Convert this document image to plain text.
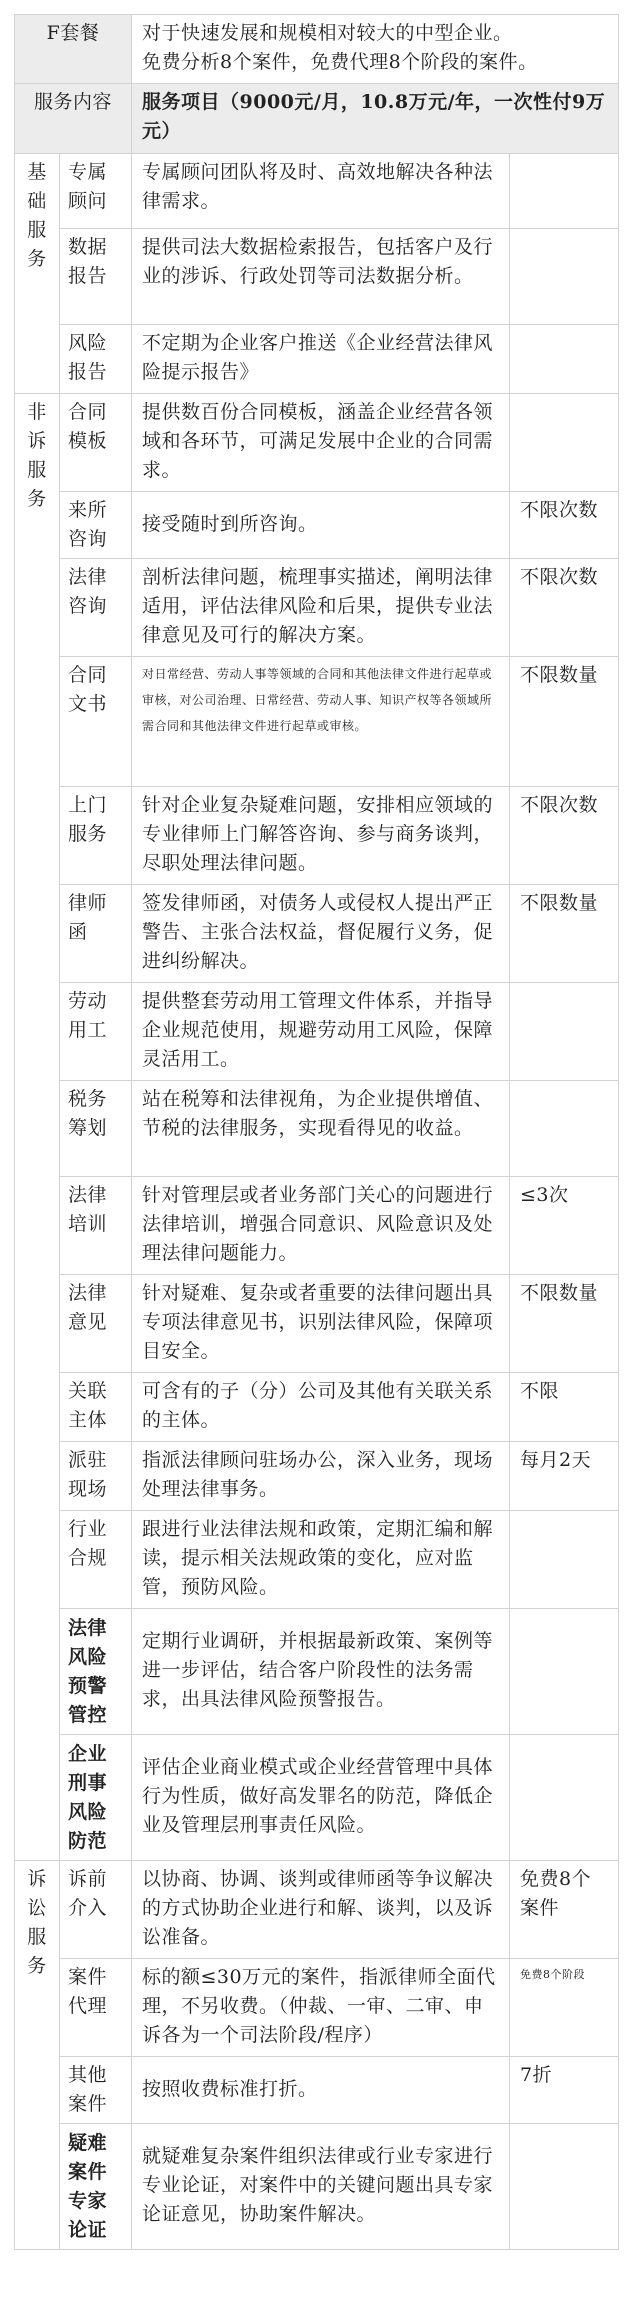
F套餐		对于快速发展和规模相对较大的中型企业。
免费分析8个案件，免费代理8个阶段的案件。	

服务内容		服务项目（9000元/月，10.8万元/年，一次性付9万元）	
基础服务	专属顾问	专属顾问团队将及时、高效地解决各种法律需求。	
	数据报告	提供司法大数据检索报告，包括客户及行业的涉诉、行政处罚等司法数据分析。	
	风险报告	不定期为企业客户推送《企业经营法律风险提示报告》	
非诉服务	合同模板	提供数百份合同模板，涵盖企业经营各领域和各环节，可满足发展中企业的合同需求。	
	来所咨询	接受随时到所咨询。	不限次数
	法律咨询	剖析法律问题，梳理事实描述，阐明法律适用，评估法律风险和后果，提供专业法律意见及可行的解决方案。	不限次数
	合同文书	对日常经营、劳动人事等领域的合同和其他法律文件进行起草或审核，对公司治理、日常经营、劳动人事、知识产权等各领域所需合同和其他法律文件进行起草或审核。	不限数量
	上门服务	针对企业复杂疑难问题，安排相应领域的专业律师上门解答咨询、参与商务谈判，尽职处理法律问题。	不限次数
	律师函	签发律师函，对债务人或侵权人提出严正警告、主张合法权益，督促履行义务，促进纠纷解决。	不限数量
	劳动用工	提供整套劳动用工管理文件体系，并指导企业规范使用，规避劳动用工风险，保障灵活用工。	
	税务筹划	站在税筹和法律视角，为企业提供增值、节税的法律服务，实现看得见的收益。	
	法律培训	针对管理层或者业务部门关心的问题进行法律培训，增强合同意识、风险意识及处理法律问题能力。	≤3次
	法律意见	针对疑难、复杂或者重要的法律问题出具专项法律意见书，识别法律风险，保障项目安全。	不限数量
	关联主体	可含有的子（分）公司及其他有关联关系的主体。	不限
	派驻现场	指派法律顾问驻场办公，深入业务，现场处理法律事务。	每月2天
	行业合规	跟进行业法律法规和政策，定期汇编和解读，提示相关法规政策的变化，应对监管，预防风险。	
	法律风险预警管控	定期行业调研，并根据最新政策、案例等进一步评估，结合客户阶段性的法务需求，出具法律风险预警报告。	
	企业刑事风险防范	评估企业商业模式或企业经营管理中具体行为性质，做好高发罪名的防范，降低企业及管理层刑事责任风险。	
诉讼服务	诉前介入	以协商、协调、谈判或律师函等争议解决的方式协助企业进行和解、谈判，以及诉讼准备。	免费8个案件
	案件代理	标的额≤30万元的案件，指派律师全面代理，不另收费。（仲裁、一审、二审、申诉各为一个司法阶段/程序）	免费8个阶段
	其他案件	按照收费标准打折。	7折
	疑难案件专家论证	就疑难复杂案件组织法律或行业专家进行专业论证，对案件中的关键问题出具专家论证意见，协助案件解决。	
